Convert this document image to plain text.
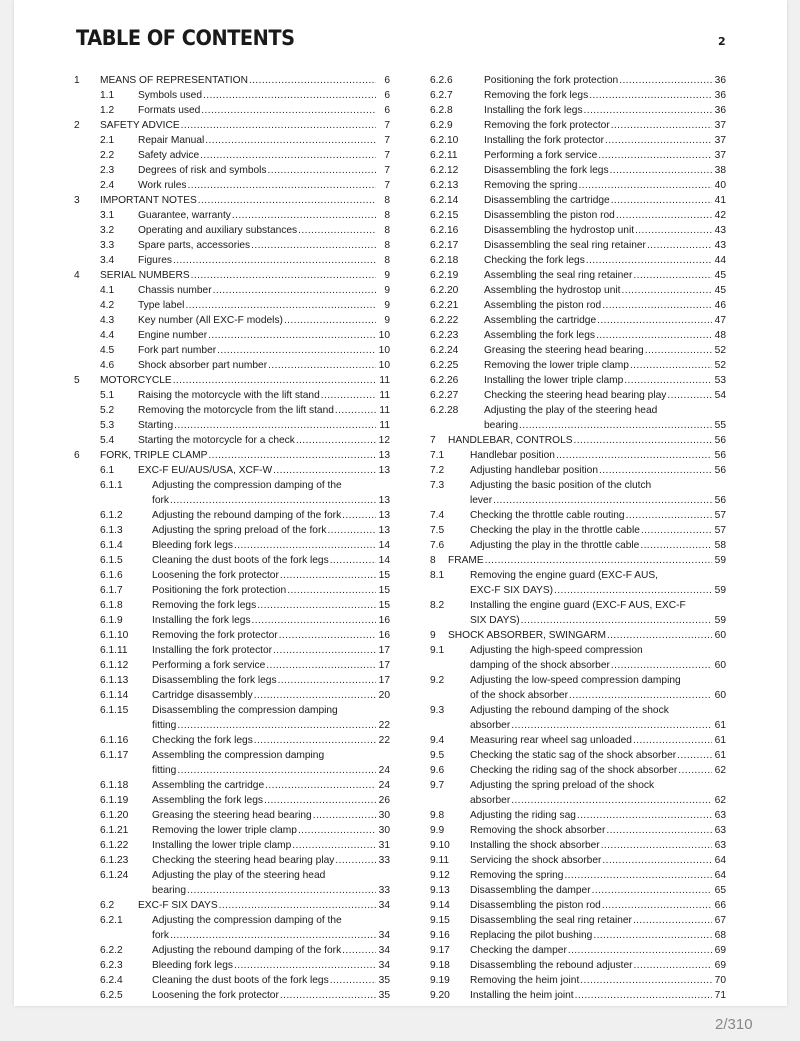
TABLE OF CONTENTS	2
1 MEANS OF REPRESENTATION .....	6
1.1 Symbols used .....	6
1.2 Formats used .....	6
2 SAFETY ADVICE .....	7
2.1 Repair Manual .....	7
2.2 Safety advice .....	7
2.3 Degrees of risk and symbols .....	7
2.4 Work rules .....	7
3 IMPORTANT NOTES .....	8
3.1 Guarantee, warranty .....	8
3.2 Operating and auxiliary substances .....	8
3.3 Spare parts, accessories .....	8
3.4 Figures .....	8
4 SERIAL NUMBERS .....	9
4.1 Chassis number .....	9
4.2 Type label .....	9
4.3 Key number (All EXC-F models) .....	9
4.4 Engine number .....	10
4.5 Fork part number .....	10
4.6 Shock absorber part number .....	10
5 MOTORCYCLE .....	11
5.1 Raising the motorcycle with the lift stand .....	11
5.2 Removing the motorcycle from the lift stand .....	11
5.3 Starting .....	11
5.4 Starting the motorcycle for a check .....	12
6 FORK, TRIPLE CLAMP .....	13
6.1 EXC-F EU/AUS/USA, XCF-W .....	13
6.1.1	Adjusting the compression damping of the
fork .....	13
6.1.2	Adjusting the rebound damping of the fork .....	13
6.1.3	Adjusting the spring preload of the fork .....	13
6.1.4	Bleeding fork legs .....	14
6.1.5	Cleaning the dust boots of the fork legs .....	14
6.1.6	Loosening the fork protector .....	15
6.1.7	Positioning the fork protection .....	15
6.1.8	Removing the fork legs .....	15
6.1.9	Installing the fork legs .....	16
6.1.10 Removing the fork protector .....	16
6.1.11 Installing the fork protector .....	17
6.1.12 Performing a fork service .....	17
6.1.13 Disassembling the fork legs .....	17
6.1.14 Cartridge disassembly .....	20
6.1.15 Disassembling the compression damping
fitting .....	22
6.1.16 Checking the fork legs .....	22
6.1.17 Assembling the compression damping
fitting .....	24
6.1.18 Assembling the cartridge .....	24
6.1.19 Assembling the fork legs .....	26
6.1.20 Greasing the steering head bearing .....	30
6.1.21 Removing the lower triple clamp .....	30
6.1.22 Installing the lower triple clamp .....	31
6.1.23 Checking the steering head bearing play .....	33
6.1.24 Adjusting the play of the steering head
bearing .....	33
6.2 EXC-F SIX DAYS .....	34
6.2.1	Adjusting the compression damping of the
fork .....	34
6.2.2	Adjusting the rebound damping of the fork .....	34
6.2.3	Bleeding fork legs .....	34
6.2.4	Cleaning the dust boots of the fork legs .....	35
6.2.5	Loosening the fork protector .....	35
6.2.6	Positioning the fork protection .....	36
6.2.7	Removing the fork legs .....	36
6.2.8	Installing the fork legs .....	36
6.2.9	Removing the fork protector .....	37
6.2.10	Installing the fork protector .....	37
6.2.11	Performing a fork service .....	37
6.2.12	Disassembling the fork legs .....	38
6.2.13	Removing the spring .....	40
6.2.14	Disassembling the cartridge .....	41
6.2.15	Disassembling the piston rod .....	42
6.2.16	Disassembling the hydrostop unit .....	43
6.2.17	Disassembling the seal ring retainer .....	43
6.2.18	Checking the fork legs .....	44
6.2.19	Assembling the seal ring retainer .....	45
6.2.20	Assembling the hydrostop unit .....	45
6.2.21	Assembling the piston rod .....	46
6.2.22	Assembling the cartridge .....	47
6.2.23	Assembling the fork legs .....	48
6.2.24	Greasing the steering head bearing .....	52
6.2.25	Removing the lower triple clamp .....	52
6.2.26	Installing the lower triple clamp .....	53
6.2.27	Checking the steering head bearing play .....	54
6.2.28	Adjusting the play of the steering head
bearing .....	55
7 HANDLEBAR, CONTROLS .....	56
7.1	Handlebar position .....	56
7.2	Adjusting handlebar position .....	56
7.3	Adjusting the basic position of the clutch
lever .....	56
7.4	Checking the throttle cable routing .....	57
7.5	Checking the play in the throttle cable .....	57
7.6	Adjusting the play in the throttle cable .....	58
8 FRAME .....	59
8.1	Removing the engine guard (EXC-F AUS,
EXC-F SIX DAYS) .....	59
8.2	Installing the engine guard (EXC-F AUS, EXC-F
SIX DAYS) .....	59
9 SHOCK ABSORBER, SWINGARM .....	60
9.1	Adjusting the high-speed compression
damping of the shock absorber .....	60
9.2	Adjusting the low-speed compression damping
of the shock absorber .....	60
9.3	Adjusting the rebound damping of the shock
absorber .....	61
9.4	Measuring rear wheel sag unloaded .....	61
9.5	Checking the static sag of the shock absorber .....	61
9.6	Checking the riding sag of the shock absorber .....	62
9.7	Adjusting the spring preload of the shock
absorber .....	62
9.8	Adjusting the riding sag .....	63
9.9	Removing the shock absorber .....	63
9.10 Installing the shock absorber .....	63
9.11 Servicing the shock absorber .....	64
9.12 Removing the spring .....	64
9.13 Disassembling the damper .....	65
9.14 Disassembling the piston rod .....	66
9.15 Disassembling the seal ring retainer .....	67
9.16 Replacing the pilot bushing .....	68
9.17 Checking the damper .....	69
9.18 Disassembling the rebound adjuster .....	69
9.19 Removing the heim joint .....	70
9.20 Installing the heim joint .....	71
2/310
